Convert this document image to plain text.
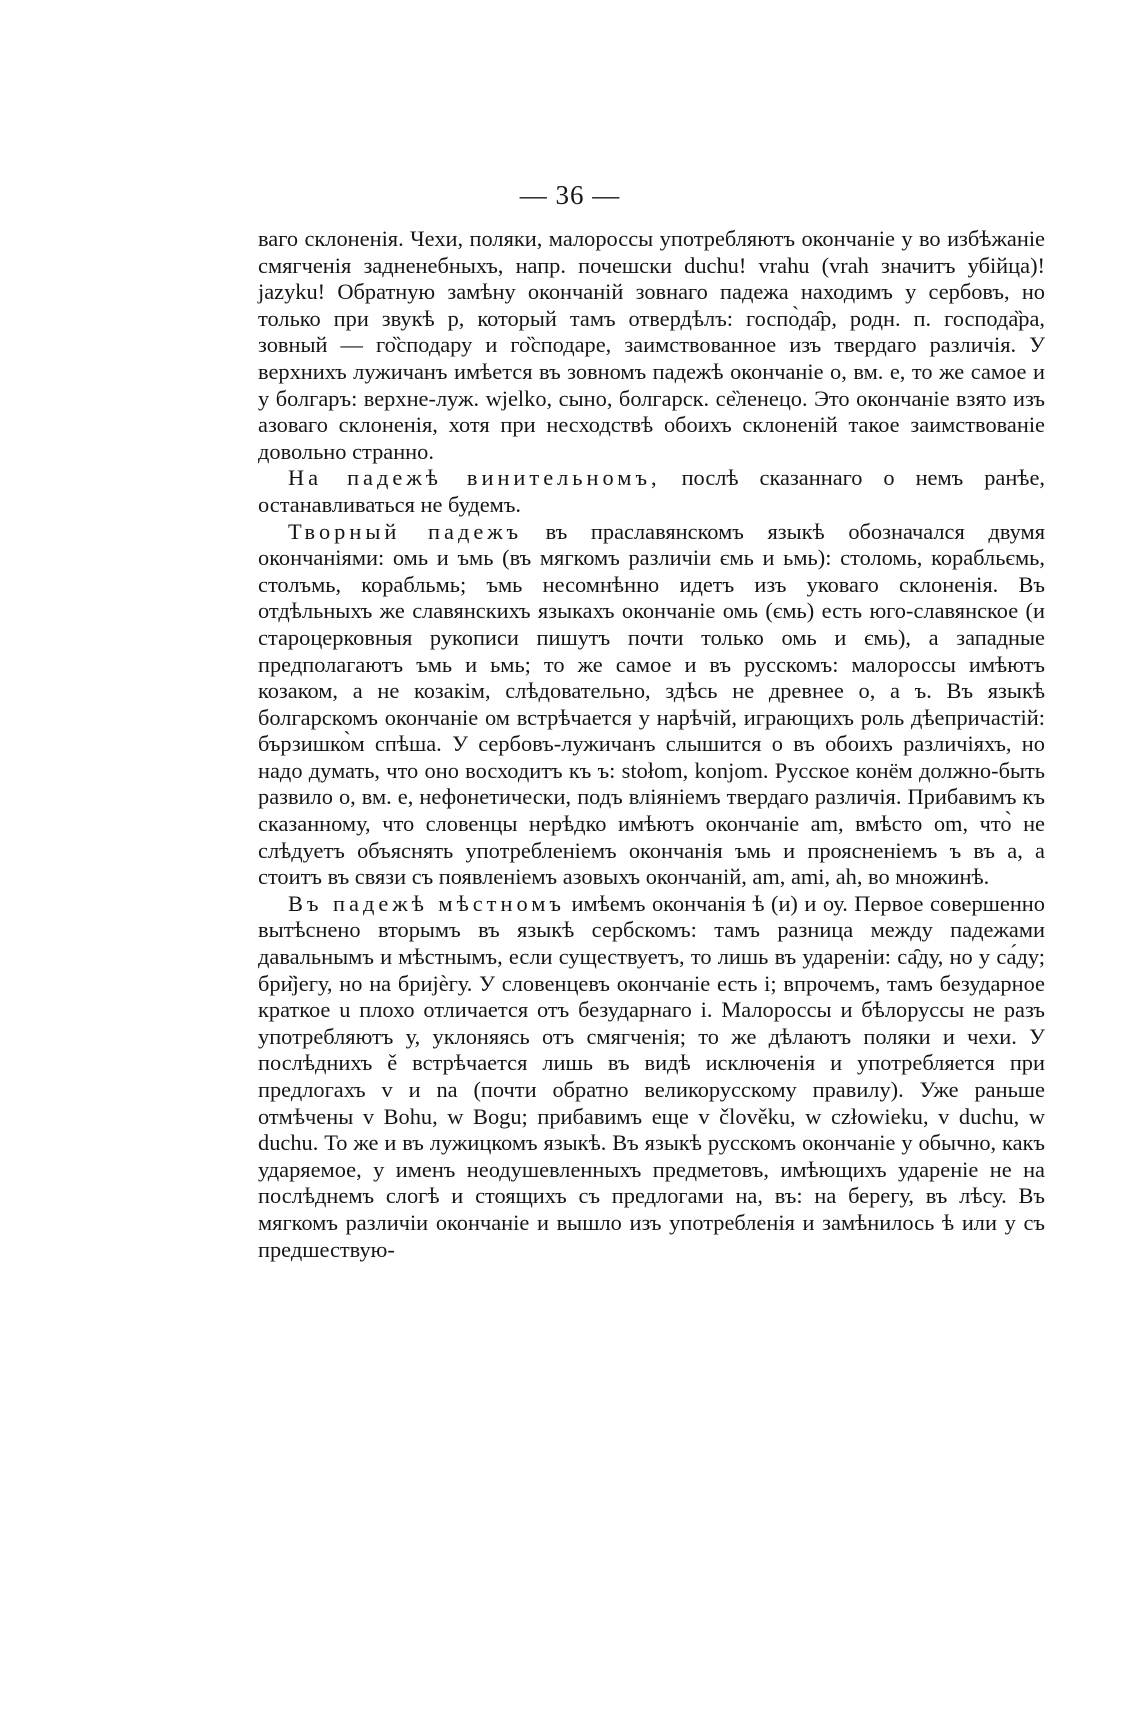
— 36 —

ваго склоненія. Чехи, поляки, малороссы употребляютъ окончаніе у во избѣжаніе смягченія задненебныхъ, напр. почешски duchu! vrahu (vrah значитъ убійца)! jazyku! Обратную замѣну окончаній зовнаго падежа находимъ у сербовъ, но только при звукѣ р, который тамъ отвердѣлъ: госпо̀да̑р, родн. п. господа̏ра, зовный — го̏сподару и го̏сподаре, заимствованное изъ твердаго различія. У верхнихъ лужичанъ имѣется въ зовномъ падежѣ окончаніе о, вм. е, то же самое и у болгаръ: верхне-луж. wjelko, сыно, болгарск. се̏ленецо. Это окончаніе взято изъ азоваго склоненія, хотя при несходствѣ обоихъ склоненій такое заимствованіе довольно странно.

На падежѣ винительномъ, послѣ сказаннаго о немъ ранѣе, останавливаться не будемъ.

Творный падежъ въ праславянскомъ языкѣ обозначался двумя окончаніями: омь и ъмь (въ мягкомъ различіи ємь и ьмь): столомь, корабльємь, столъмь, корабльмь; ъмь несомнѣнно идетъ изъ уковаго склоненія. Въ отдѣльныхъ же славянскихъ языкахъ окончаніе омь (ємь) есть юго-славянское (и староцерковныя рукописи пишутъ почти только омь и ємь), а западные предполагаютъ ъмь и ьмь; то же самое и въ русскомъ: малороссы имѣютъ козаком, а не козакім, слѣдовательно, здѣсь не древнее о, а ъ. Въ языкѣ болгарскомъ окончаніе ом встрѣчается у нарѣчій, играющихъ роль дѣепричастій: бързишко̀м спѣша. У сербовъ-лужичанъ слышится о въ обоихъ различіяхъ, но надо думать, что оно восходитъ къ ъ: stołom, konjom. Русское конём должно-быть развило о, вм. е, нефонетически, подъ вліяніемъ твердаго различія. Прибавимъ къ сказанному, что словенцы нерѣдко имѣютъ окончаніе am, вмѣсто om, что̀ не слѣдуетъ объяснять употребленіемъ окончанія ъмь и проясненіемъ ъ въ а, а стоитъ въ связи съ появленіемъ азовыхъ окончаній, am, ami, ah, во множинѣ.

Въ падежѣ мѣстномъ имѣемъ окончанія ѣ (и) и оу. Первое совершенно вытѣснено вторымъ въ языкѣ сербскомъ: тамъ разница между падежами давальнымъ и мѣстнымъ, если существуетъ, то лишь въ удареніи: са̑ду, но у са́ду; бри̏јегу, но на бријѐгу. У словенцевъ окончаніе есть i; впрочемъ, тамъ безударное краткое u плохо отличается отъ безударнаго i. Малороссы и бѣлоруссы не разъ употребляютъ у, уклоняясь отъ смягченія; то же дѣлаютъ поляки и чехи. У послѣднихъ ě встрѣчается лишь въ видѣ исключенія и употребляется при предлогахъ v и na (почти обратно великорусскому правилу). Уже раньше отмѣчены v Bohu, w Bogu; прибавимъ еще v člověku, w człowieku, v duchu, w duchu. То же и въ лужицкомъ языкѣ. Въ языкѣ русскомъ окончаніе у обычно, какъ ударяемое, у именъ неодушевленныхъ предметовъ, имѣющихъ удареніе не на послѣднемъ слогѣ и стоящихъ съ предлогами на, въ: на берегу, въ лѣсу. Въ мягкомъ различіи окончаніе и вышло изъ употребленія и замѣнилось ѣ или у съ предшествую-
